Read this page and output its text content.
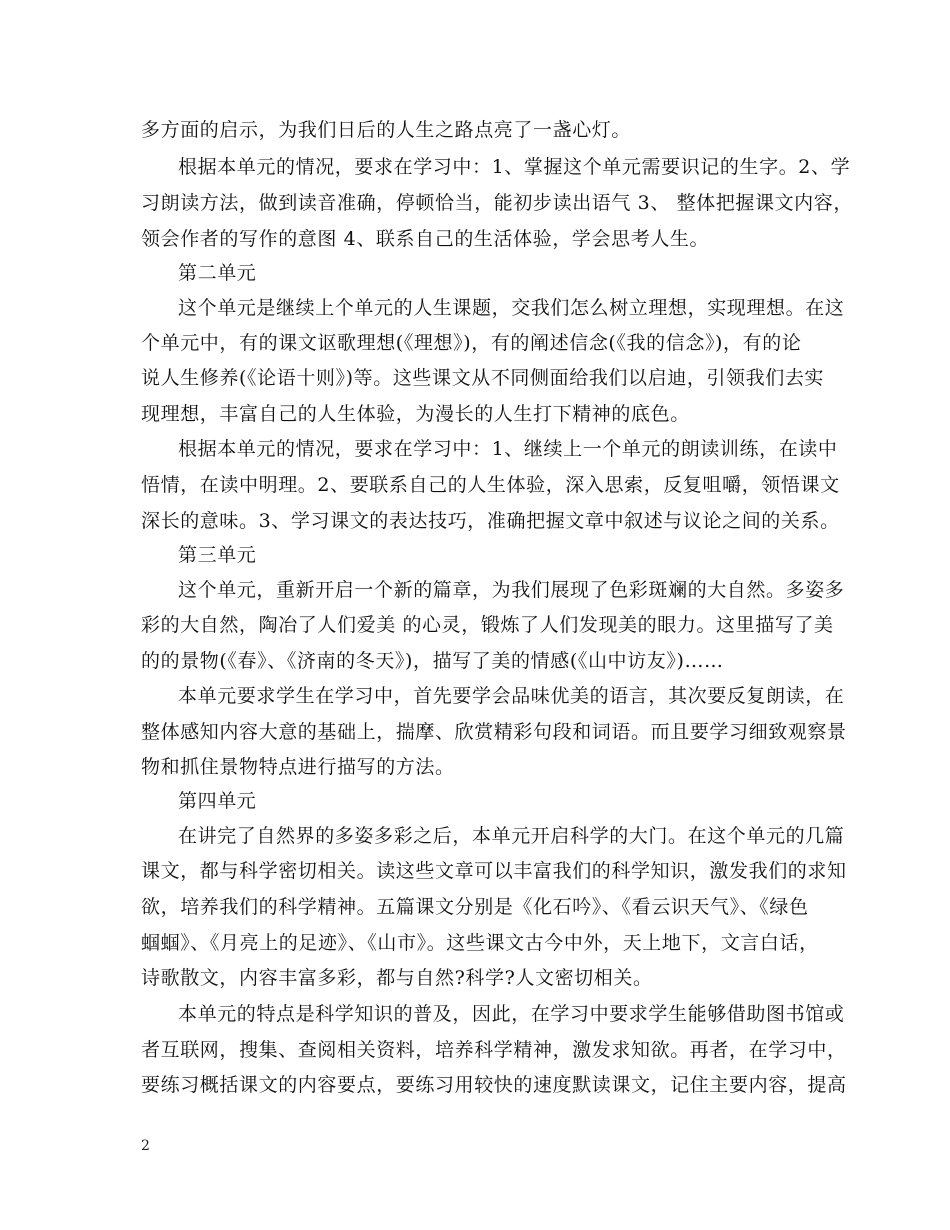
多方面的启示，为我们日后的人生之路点亮了一盏心灯。
根据本单元的情况，要求在学习中：1、掌握这个单元需要识记的生字。2、学
习朗读方法，做到读音准确，停顿恰当，能初步读出语气 3、 整体把握课文内容，
领会作者的写作的意图 4、联系自己的生活体验，学会思考人生。
第二单元
这个单元是继续上个单元的人生课题，交我们怎么树立理想，实现理想。在这
个单元中，有的课文讴歌理想(《理想》)，有的阐述信念(《我的信念》)，有的论
说人生修养(《论语十则》)等。这些课文从不同侧面给我们以启迪，引领我们去实
现理想，丰富自己的人生体验，为漫长的人生打下精神的底色。
根据本单元的情况，要求在学习中：1、继续上一个单元的朗读训练，在读中
悟情，在读中明理。2、要联系自己的人生体验，深入思索，反复咀嚼，领悟课文
深长的意味。3、学习课文的表达技巧，准确把握文章中叙述与议论之间的关系。
第三单元
这个单元，重新开启一个新的篇章，为我们展现了色彩斑斓的大自然。多姿多
彩的大自然，陶冶了人们爱美 的心灵，锻炼了人们发现美的眼力。这里描写了美
的的景物(《春》、《济南的冬天》)，描写了美的情感(《山中访友》)……
本单元要求学生在学习中，首先要学会品味优美的语言，其次要反复朗读，在
整体感知内容大意的基础上，揣摩、欣赏精彩句段和词语。而且要学习细致观察景
物和抓住景物特点进行描写的方法。
第四单元
在讲完了自然界的多姿多彩之后，本单元开启科学的大门。在这个单元的几篇
课文，都与科学密切相关。读这些文章可以丰富我们的科学知识，激发我们的求知
欲，培养我们的科学精神。五篇课文分别是《化石吟》、《看云识天气》、《绿色
蝈蝈》、《月亮上的足迹》、《山市》。这些课文古今中外，天上地下，文言白话，
诗歌散文，内容丰富多彩，都与自然?科学?人文密切相关。
本单元的特点是科学知识的普及，因此，在学习中要求学生能够借助图书馆或
者互联网，搜集、查阅相关资料，培养科学精神，激发求知欲。再者，在学习中，
要练习概括课文的内容要点，要练习用较快的速度默读课文，记住主要内容，提高
2
